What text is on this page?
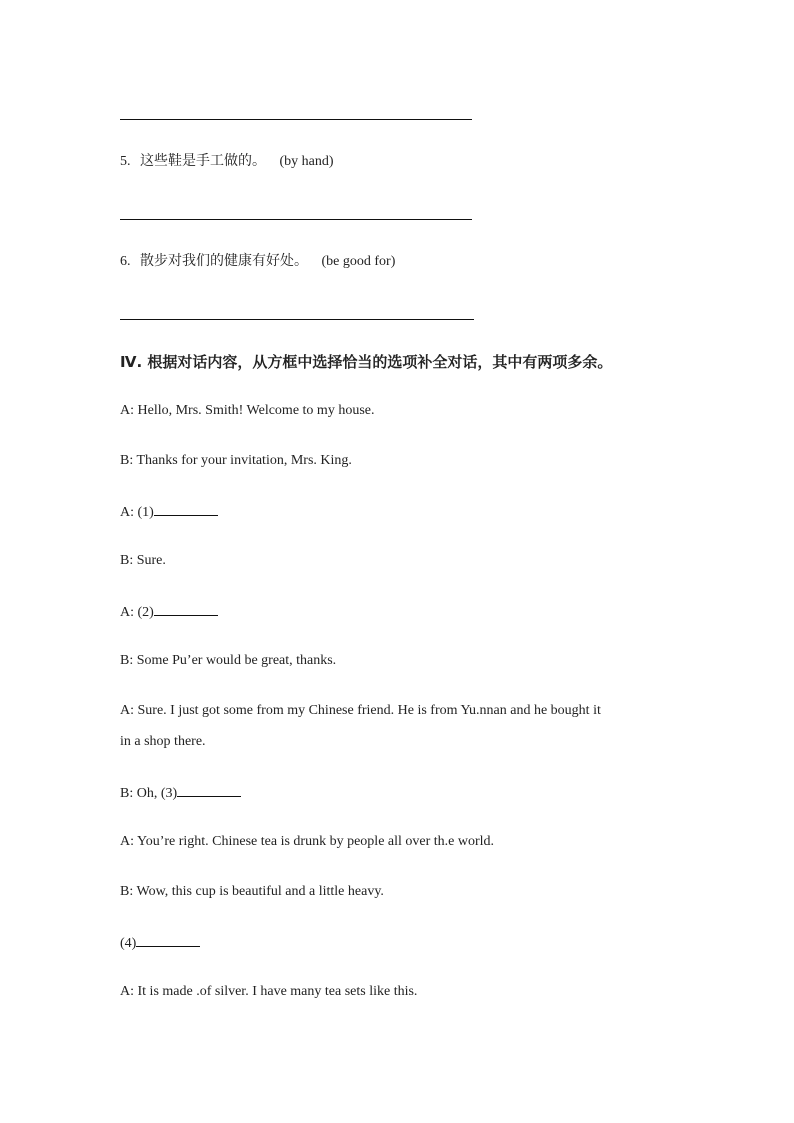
5. 这些鞋是手工做的。 (by hand)
6. 散步对我们的健康有好处。 (be good for)
Ⅳ. 根据对话内容，从方框中选择恰当的选项补全对话，其中有两项多余。
A: Hello, Mrs. Smith! Welcome to my house.
B: Thanks for your invitation, Mrs. King.
A: (1)
B: Sure.
A: (2)
B: Some Pu’er would be great, thanks.
A: Sure. I just got some from my Chinese friend. He is from Yu.nnan and he bought it
in a shop there.
B: Oh, (3)
A: You’re right. Chinese tea is drunk by people all over th.e world.
B: Wow, this cup is beautiful and a little heavy.
(4)
A: It is made .of silver. I have many tea sets like this.
